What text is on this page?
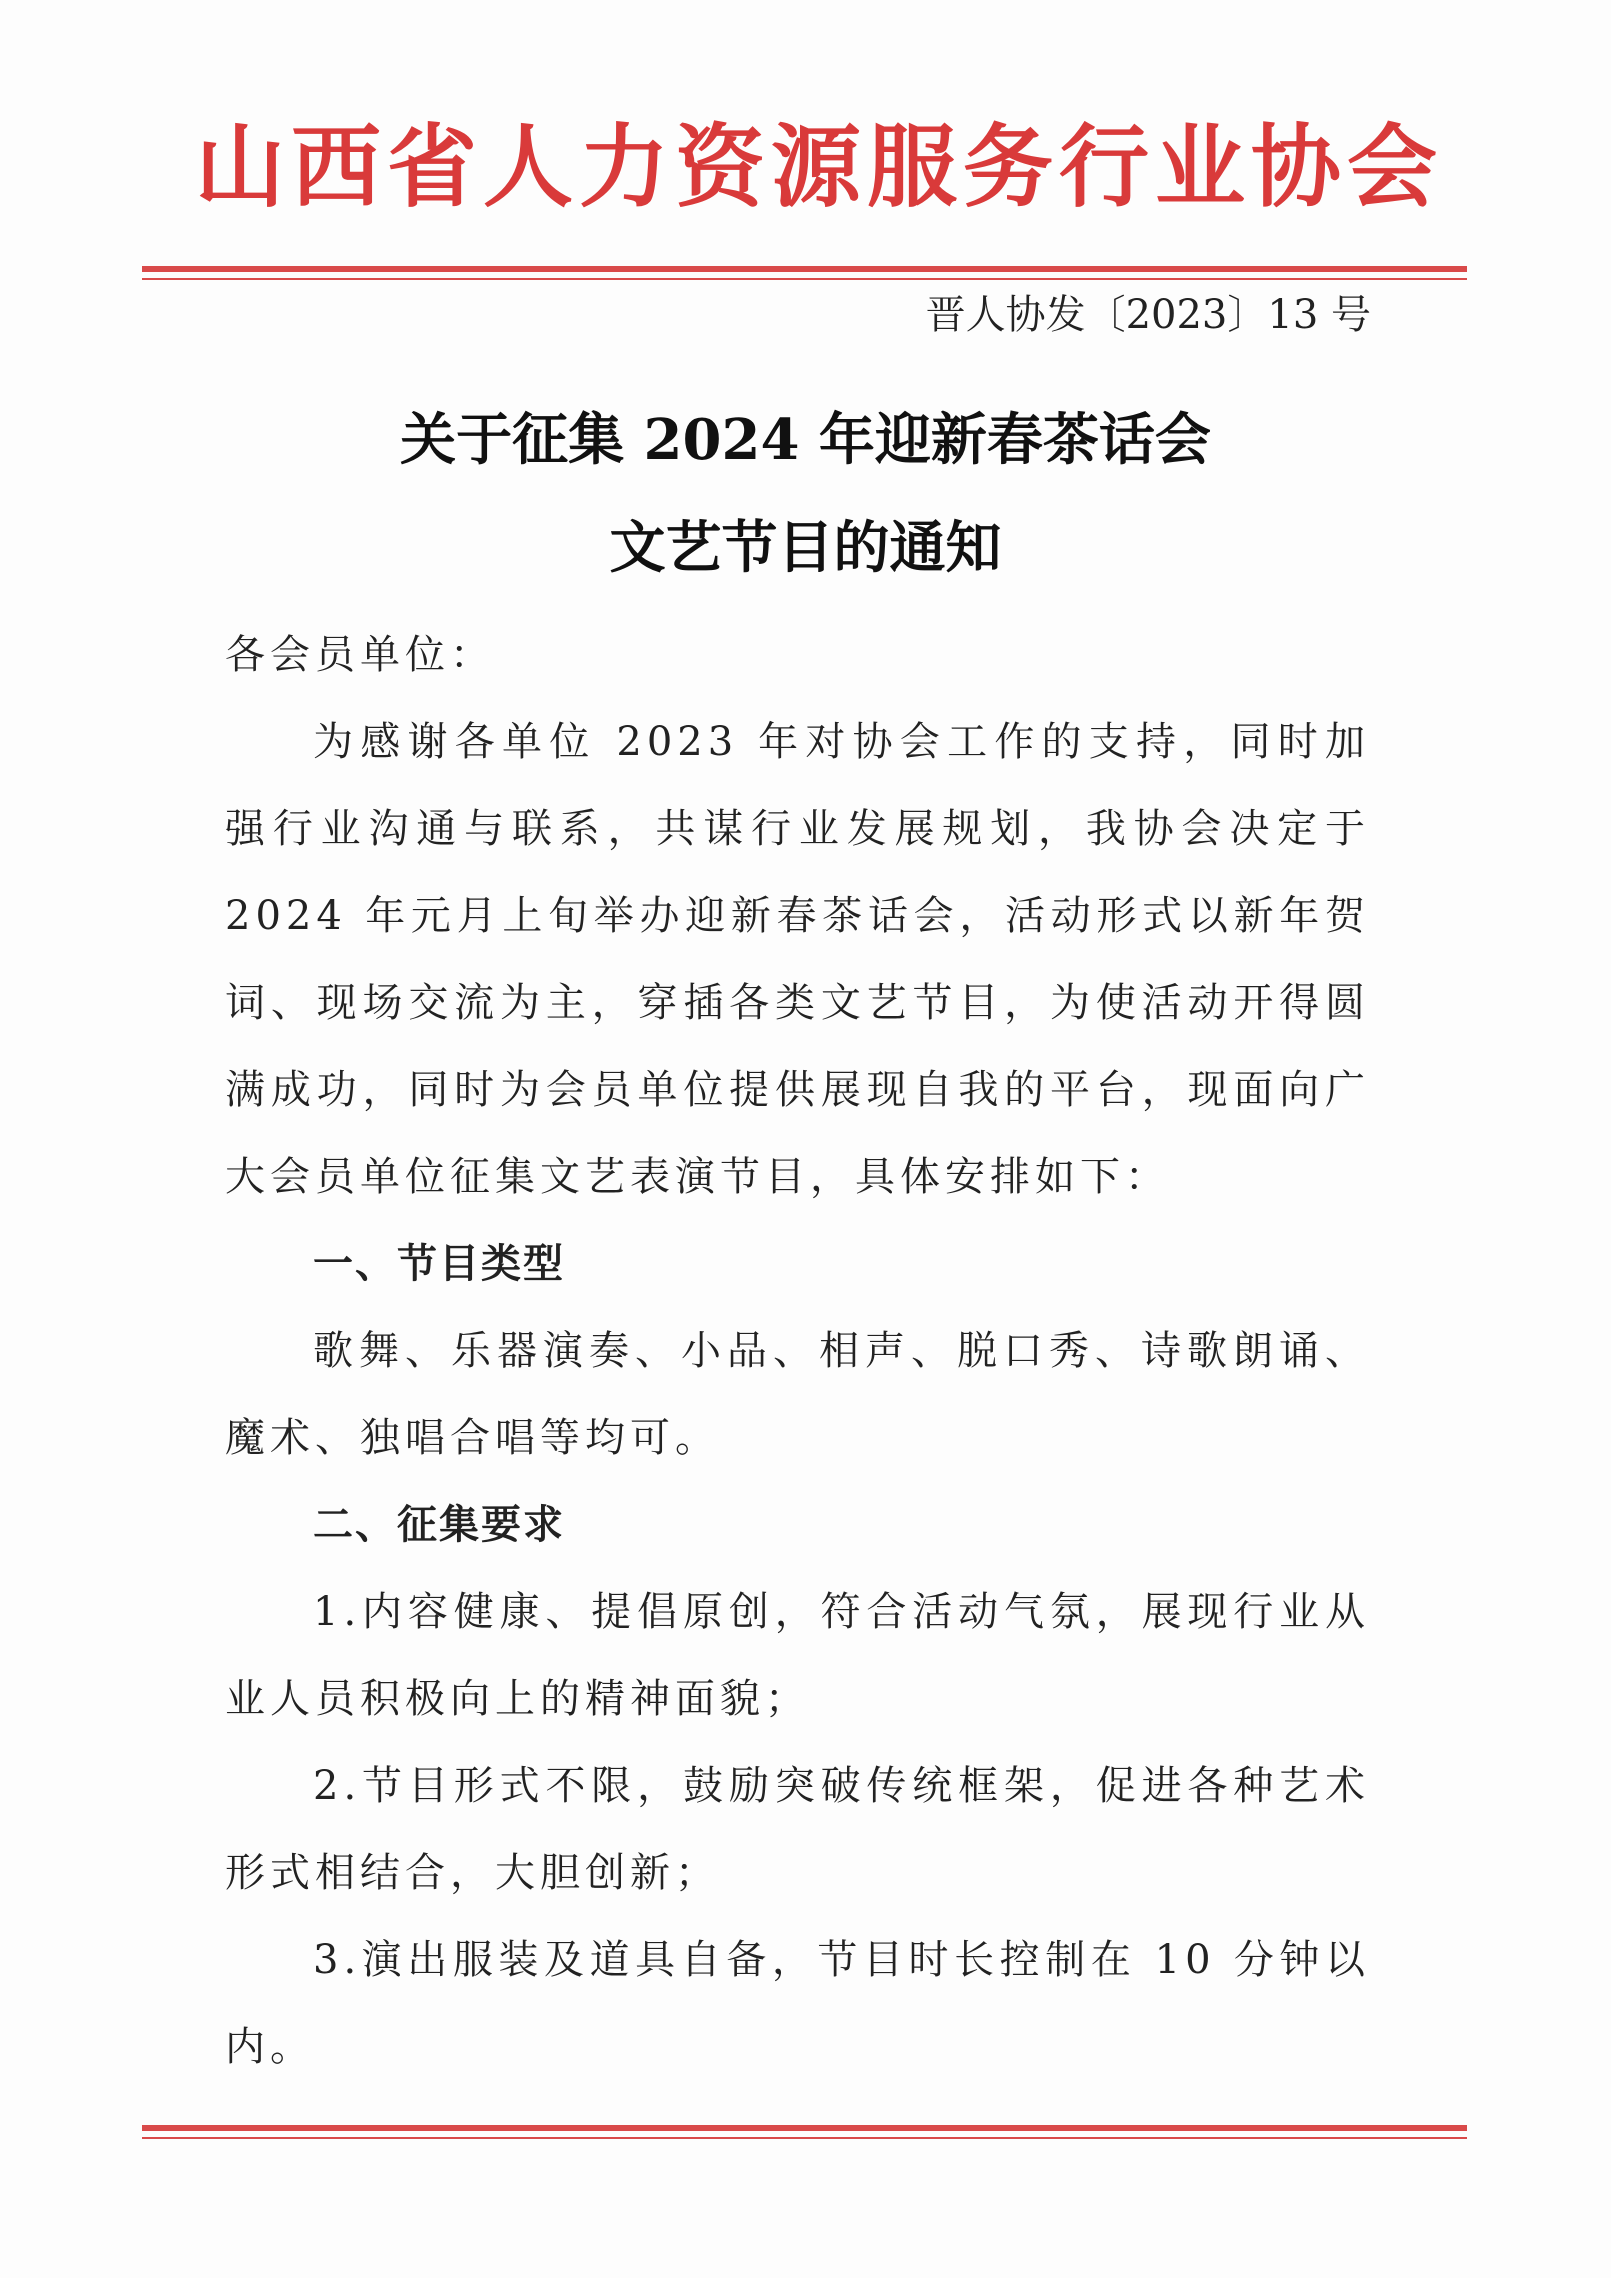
山西省人力资源服务行业协会
晋人协发〔2023〕13 号
关于征集 2024 年迎新春茶话会
文艺节目的通知

各会员单位：

为感谢各单位 2023 年对协会工作的支持，同时加强行业沟通与联系，共谋行业发展规划，我协会决定于 2024 年元月上旬举办迎新春茶话会，活动形式以新年贺词、现场交流为主，穿插各类文艺节目，为使活动开得圆满成功，同时为会员单位提供展现自我的平台，现面向广大会员单位征集文艺表演节目，具体安排如下：

一、节目类型

歌舞、乐器演奏、小品、相声、脱口秀、诗歌朗诵、魔术、独唱合唱等均可。

二、征集要求

1.内容健康、提倡原创，符合活动气氛，展现行业从业人员积极向上的精神面貌；

2.节目形式不限，鼓励突破传统框架，促进各种艺术形式相结合，大胆创新；

3.演出服装及道具自备，节目时长控制在 10 分钟以内。
